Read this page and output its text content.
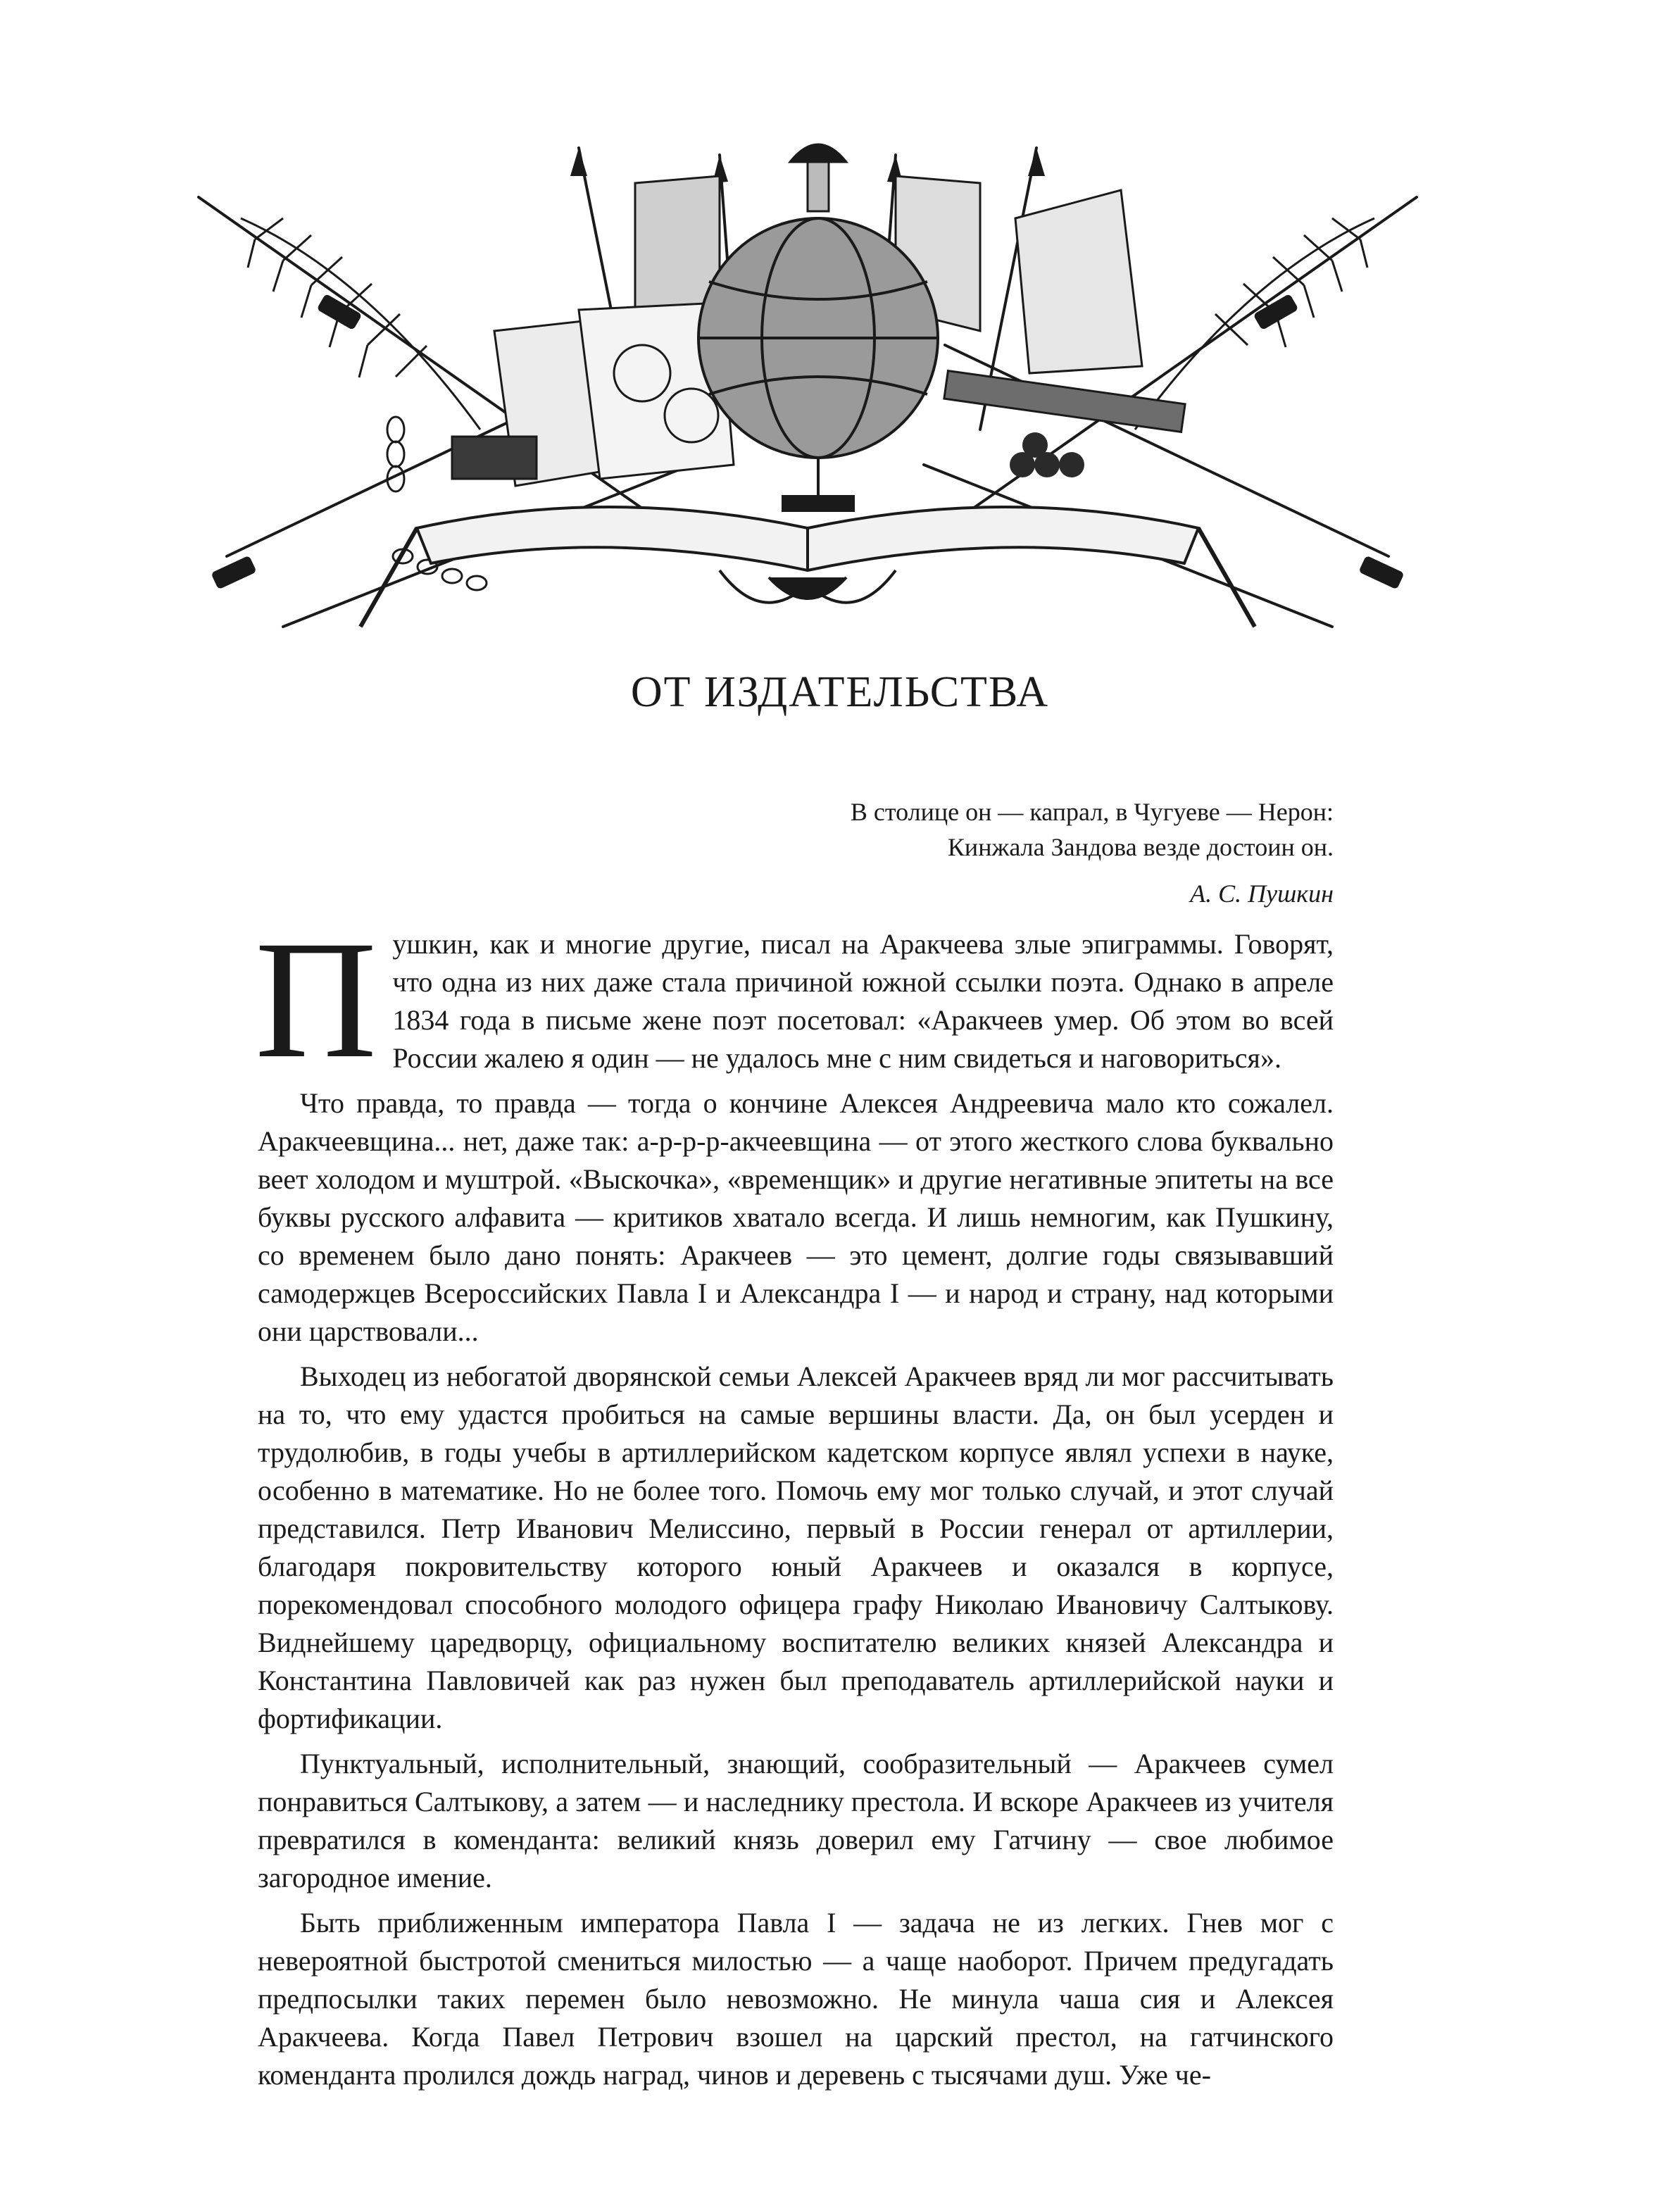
ОТ ИЗДАТЕЛЬСТВА
В столице он — капрал, в Чугуеве — Нерон:
Кинжала Зандова везде достоин он.
А. С. Пушкин

Пушкин, как и многие другие, писал на Аракчеева злые эпиграммы. Говорят, что одна из них даже стала причиной южной ссылки поэта. Однако в апреле 1834 года в письме жене поэт посетовал: «Аракчеев умер. Об этом во всей России жалею я один — не удалось мне с ним свидеться и наговориться».

Что правда, то правда — тогда о кончине Алексея Андреевича мало кто сожалел. Аракчеевщина... нет, даже так: а-р-р-р-акчеевщина — от этого жесткого слова буквально веет холодом и муштрой. «Выскочка», «временщик» и другие негативные эпитеты на все буквы русского алфавита — критиков хватало всегда. И лишь немногим, как Пушкину, со временем было дано понять: Аракчеев — это цемент, долгие годы связывавший самодержцев Всероссийских Павла I и Александра I — и народ и страну, над которыми они царствовали...

Выходец из небогатой дворянской семьи Алексей Аракчеев вряд ли мог рассчитывать на то, что ему удастся пробиться на самые вершины власти. Да, он был усерден и трудолюбив, в годы учебы в артиллерийском кадетском корпусе являл успехи в науке, особенно в математике. Но не более того. Помочь ему мог только случай, и этот случай представился. Петр Иванович Мелиссино, первый в России генерал от артиллерии, благодаря покровительству которого юный Аракчеев и оказался в корпусе, порекомендовал способного молодого офицера графу Николаю Ивановичу Салтыкову. Виднейшему царедворцу, официальному воспитателю великих князей Александра и Константина Павловичей как раз нужен был преподаватель артиллерийской науки и фортификации.

Пунктуальный, исполнительный, знающий, сообразительный — Аракчеев сумел понравиться Салтыкову, а затем — и наследнику престола. И вскоре Аракчеев из учителя превратился в коменданта: великий князь доверил ему Гатчину — свое любимое загородное имение.

Быть приближенным императора Павла I — задача не из легких. Гнев мог с невероятной быстротой смениться милостью — а чаще наоборот. Причем предугадать предпосылки таких перемен было невозможно. Не минула чаша сия и Алексея Аракчеева. Когда Павел Петрович взошел на царский престол, на гатчинского коменданта пролился дождь наград, чинов и деревень с тысячами душ. Уже че-
